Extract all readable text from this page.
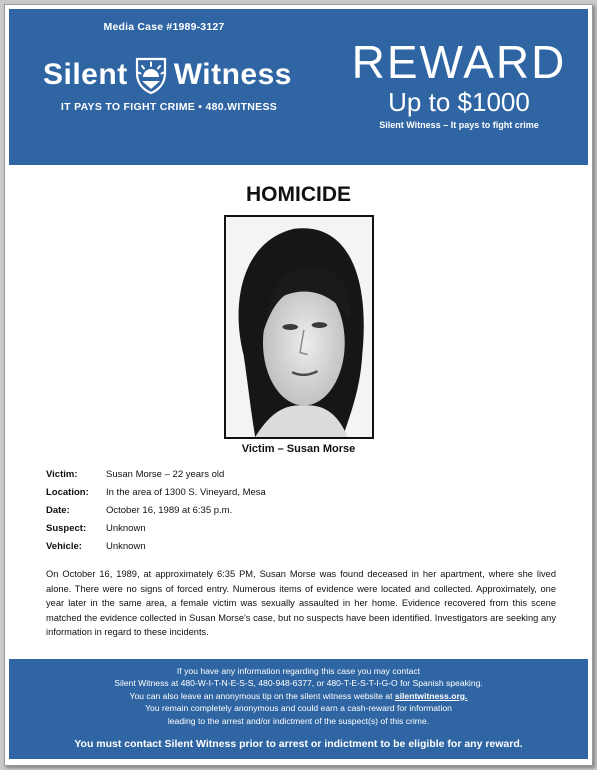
Media Case #1989-3127
Silent Witness
IT PAYS TO FIGHT CRIME • 480.WITNESS
REWARD
Up to $1000
Silent Witness – It pays to fight crime
HOMICIDE
Victim – Susan Morse
Victim:	Susan Morse – 22 years old
Location:	In the area of 1300 S. Vineyard, Mesa
Date:	October 16, 1989 at 6:35 p.m.
Suspect:	Unknown
Vehicle:	Unknown
On October 16, 1989, at approximately 6:35 PM, Susan Morse was found deceased in her apartment, where she lived alone. There were no signs of forced entry. Numerous items of evidence were located and collected. Approximately, one year later in the same area, a female victim was sexually assaulted in her home. Evidence recovered from this scene matched the evidence collected in Susan Morse's case, but no suspects have been identified. Investigators are seeking any information in regard to these incidents.
If you have any information regarding this case you may contact
Silent Witness at 480-W-I-T-N-E-S-S, 480-948-6377, or 480-T-E-S-T-I-G-O for Spanish speaking.
You can also leave an anonymous tip on the silent witness website at silentwitness.org.
You remain completely anonymous and could earn a cash-reward for information
leading to the arrest and/or indictment of the suspect(s) of this crime.
You must contact Silent Witness prior to arrest or indictment to be eligible for any reward.
